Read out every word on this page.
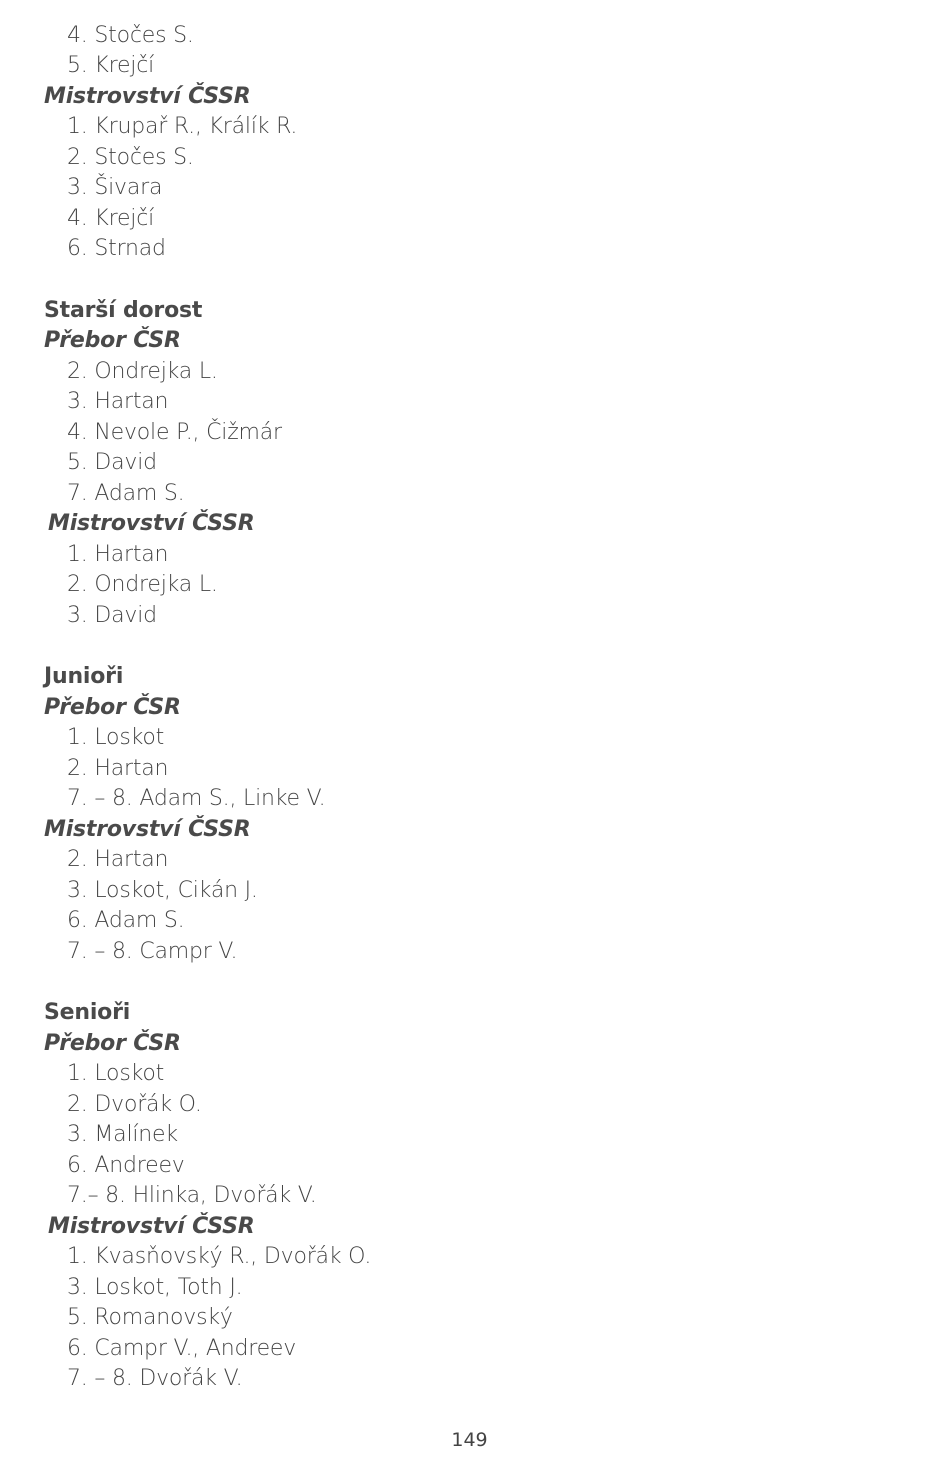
4. Stočes S.
5. Krejčí
Mistrovství ČSSR
1. Krupař R., Králík R.
2. Stočes S.
3. Šivara
4. Krejčí
6. Strnad
Starší dorost
Přebor ČSR
2. Ondrejka L.
3. Hartan
4. Nevole P., Čižmár
5. David
7. Adam S.
Mistrovství ČSSR
1. Hartan
2. Ondrejka L.
3. David
Junioři
Přebor ČSR
1. Loskot
2. Hartan
7. – 8. Adam S., Linke V.
Mistrovství ČSSR
2. Hartan
3. Loskot, Cikán J.
6. Adam S.
7. – 8. Campr V.
Senioři
Přebor ČSR
1. Loskot
2. Dvořák O.
3. Malínek
6. Andreev
7.– 8. Hlinka, Dvořák V.
Mistrovství ČSSR
1. Kvasňovský R., Dvořák O.
3. Loskot, Toth J.
5. Romanovský
6. Campr V., Andreev
7. – 8. Dvořák V.
149
